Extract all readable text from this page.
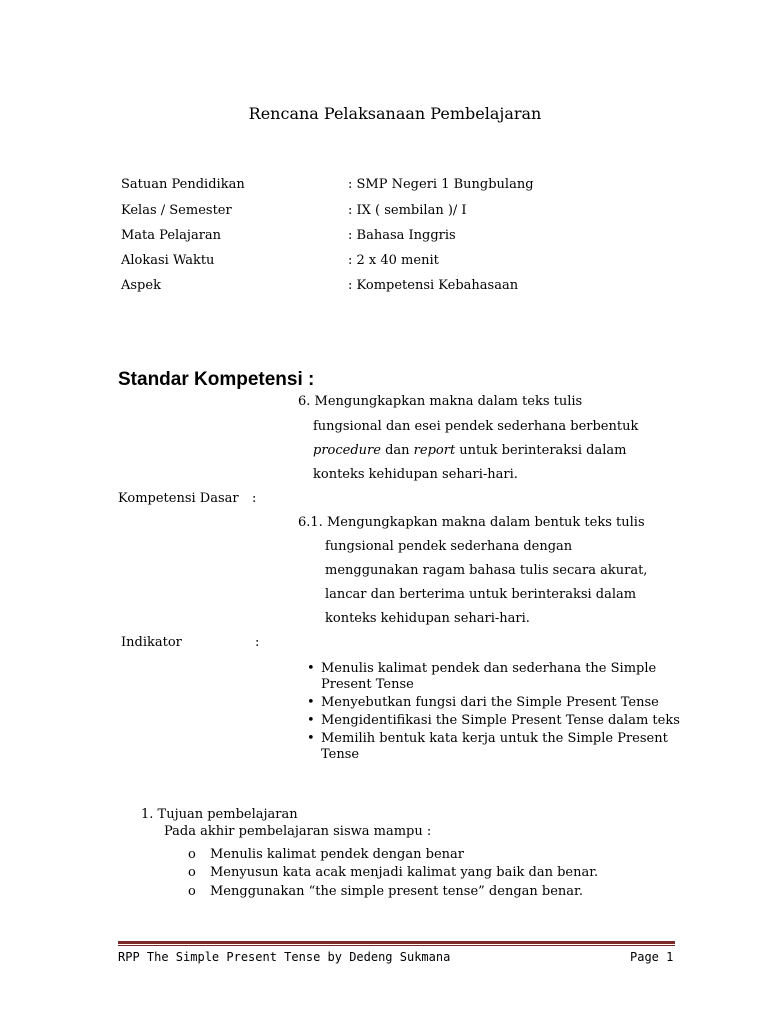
Rencana Pelaksanaan Pembelajaran
Satuan Pendidikan	: SMP Negeri 1 Bungbulang
Kelas / Semester	: IX ( sembilan )/ I
Mata Pelajaran	: Bahasa Inggris
Alokasi Waktu	: 2 x 40 menit
Aspek	: Kompetensi Kebahasaan
Standar Kompetensi :
6. Mengungkapkan makna dalam teks tulis
fungsional dan esei pendek sederhana berbentuk
procedure dan report untuk berinteraksi dalam
konteks kehidupan sehari-hari.
Kompetensi Dasar :
6.1. Mengungkapkan makna dalam bentuk teks tulis
fungsional pendek sederhana dengan
menggunakan ragam bahasa tulis secara akurat,
lancar dan berterima untuk berinteraksi dalam
konteks kehidupan sehari-hari.
Indikator	:
• Menulis kalimat pendek dan sederhana the Simple
Present Tense
• Menyebutkan fungsi dari the Simple Present Tense
• Mengidentifikasi the Simple Present Tense dalam teks
• Memilih bentuk kata kerja untuk the Simple Present
Tense
1. Tujuan pembelajaran
Pada akhir pembelajaran siswa mampu :
o Menulis kalimat pendek dengan benar
o Menyusun kata acak menjadi kalimat yang baik dan benar.
o Menggunakan “the simple present tense” dengan benar.
RPP The Simple Present Tense by Dedeng Sukmana	Page 1
